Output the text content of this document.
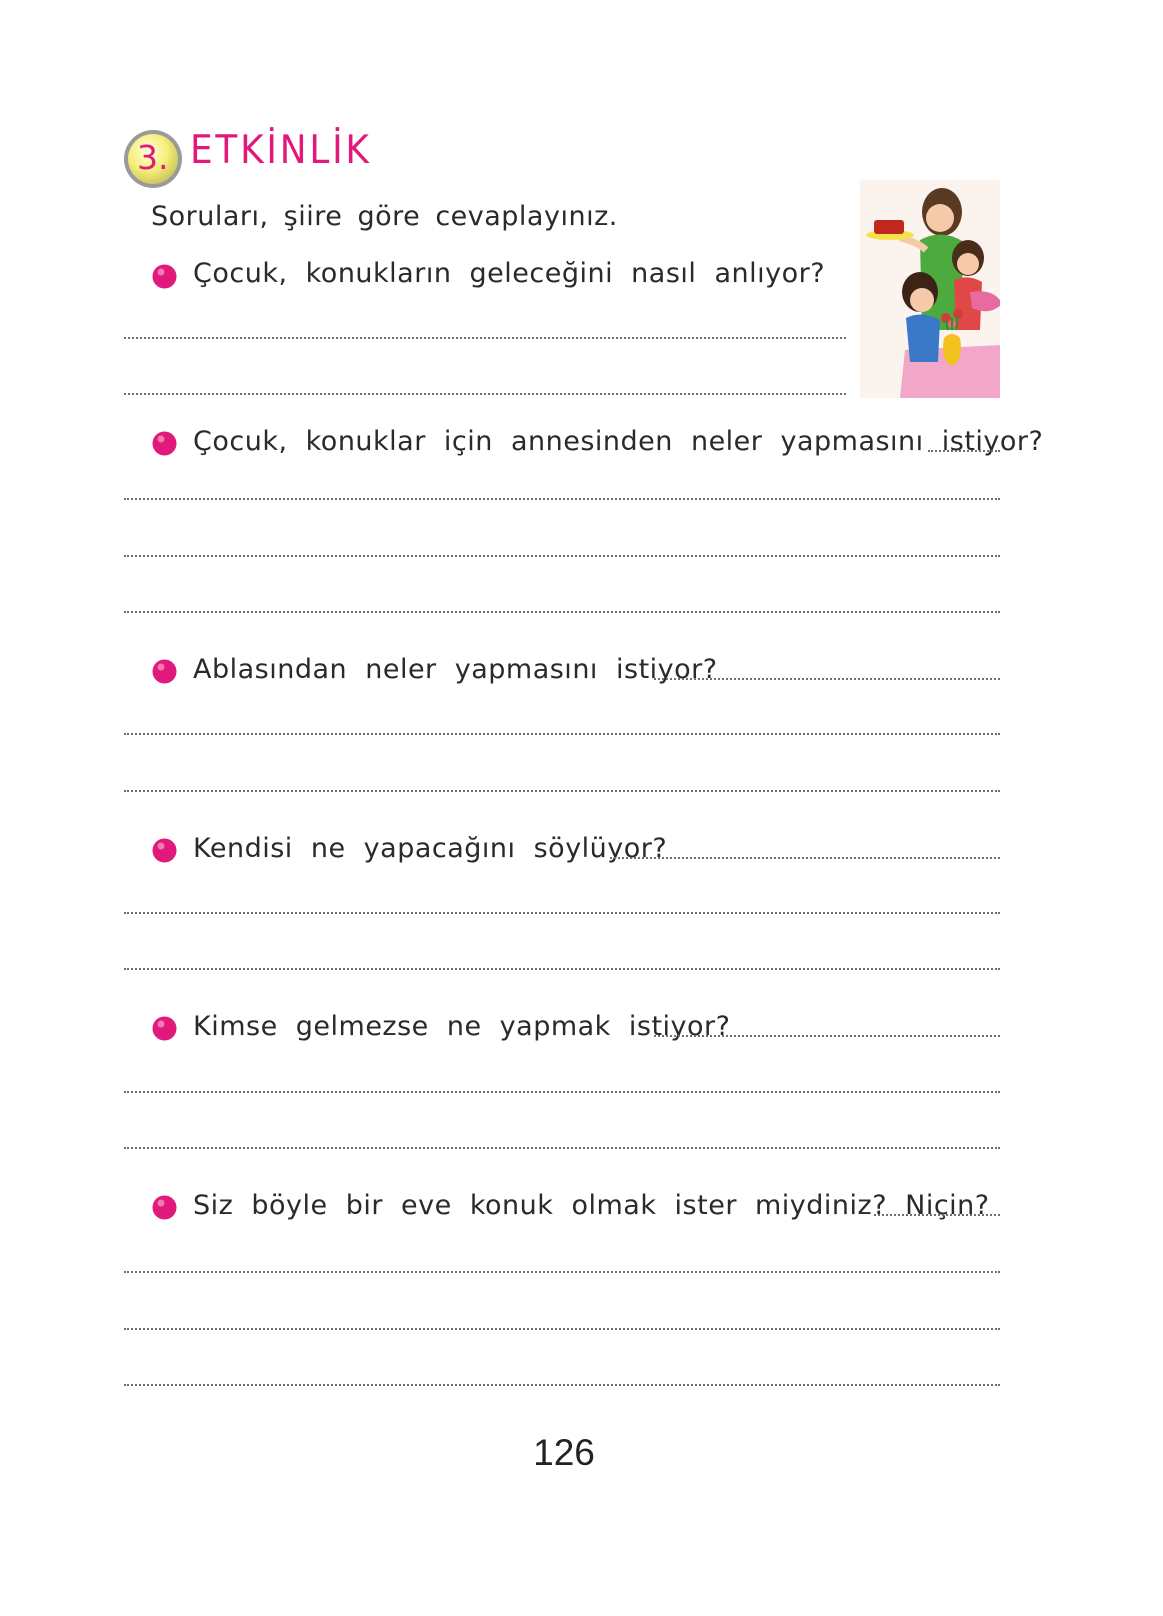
3. ETKİNLİK
Soruları, şiire göre cevaplayınız.
Çocuk, konukların geleceğini nasıl anlıyor?
Çocuk, konuklar için annesinden neler yapmasını istiyor?
Ablasından neler yapmasını istiyor?
Kendisi ne yapacağını söylüyor?
Kimse gelmezse ne yapmak istiyor?
Siz böyle bir eve konuk olmak ister miydiniz? Niçin?
126
